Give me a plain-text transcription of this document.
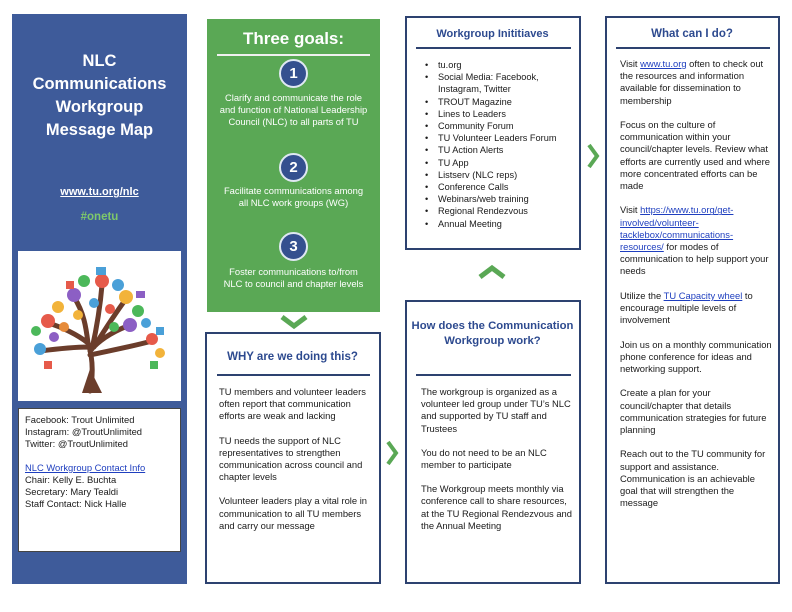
NLC
Communications
Workgroup
Message Map
www.tu.org/nlc
#onetu
Facebook: Trout Unlimited
Instagram: @TroutUnlimited
Twitter: @TroutUnlimited
NLC Workgroup Contact Info
Chair: Kelly E. Buchta
Secretary: Mary Tealdi
Staff Contact: Nick Halle
Three goals:
1
Clarify and communicate the role and function of National Leadership Council (NLC) to all parts of TU
2
Facilitate communications among all NLC work groups (WG)
3
Foster communications to/from NLC to council and chapter levels
WHY are we doing this?

TU members and volunteer leaders often report that communication efforts are weak and lacking

TU needs the support of NLC representatives to strengthen communication across council and chapter levels

Volunteer leaders play a vital role in communication to all TU members and carry our message

Workgroup Inititiaves
• tu.org
• Social Media: Facebook, Instagram, Twitter
• TROUT Magazine
• Lines to Leaders
• Community Forum
• TU Volunteer Leaders Forum
• TU Action Alerts
• TU App
• Listserv (NLC reps)
• Conference Calls
• Webinars/web training
• Regional Rendezvous
• Annual Meeting
How does the Communication Workgroup work?

The workgroup is organized as a volunteer led group under TU’s NLC and supported by TU staff and Trustees

You do not need to be an NLC member to participate

The Workgroup meets monthly via conference call to share resources, at the TU Regional Rendezvous and the Annual Meeting

What can I do?

Visit www.tu.org often to check out the resources and information available for dissemination to membership

Focus on the culture of communication within your council/chapter levels. Review what efforts are currently used and where more concentrated efforts can be made

Visit https://www.tu.org/get-involved/volunteer-tacklebox/communications-resources/ for modes of communication to help support your needs

Utilize the TU Capacity wheel to encourage multiple levels of involvement

Join us on a monthly communication phone conference for ideas and networking support.

Create a plan for your council/chapter that details communication strategies for future planning

Reach out to the TU community for support and assistance. Communication is an achievable goal that will strengthen the message
